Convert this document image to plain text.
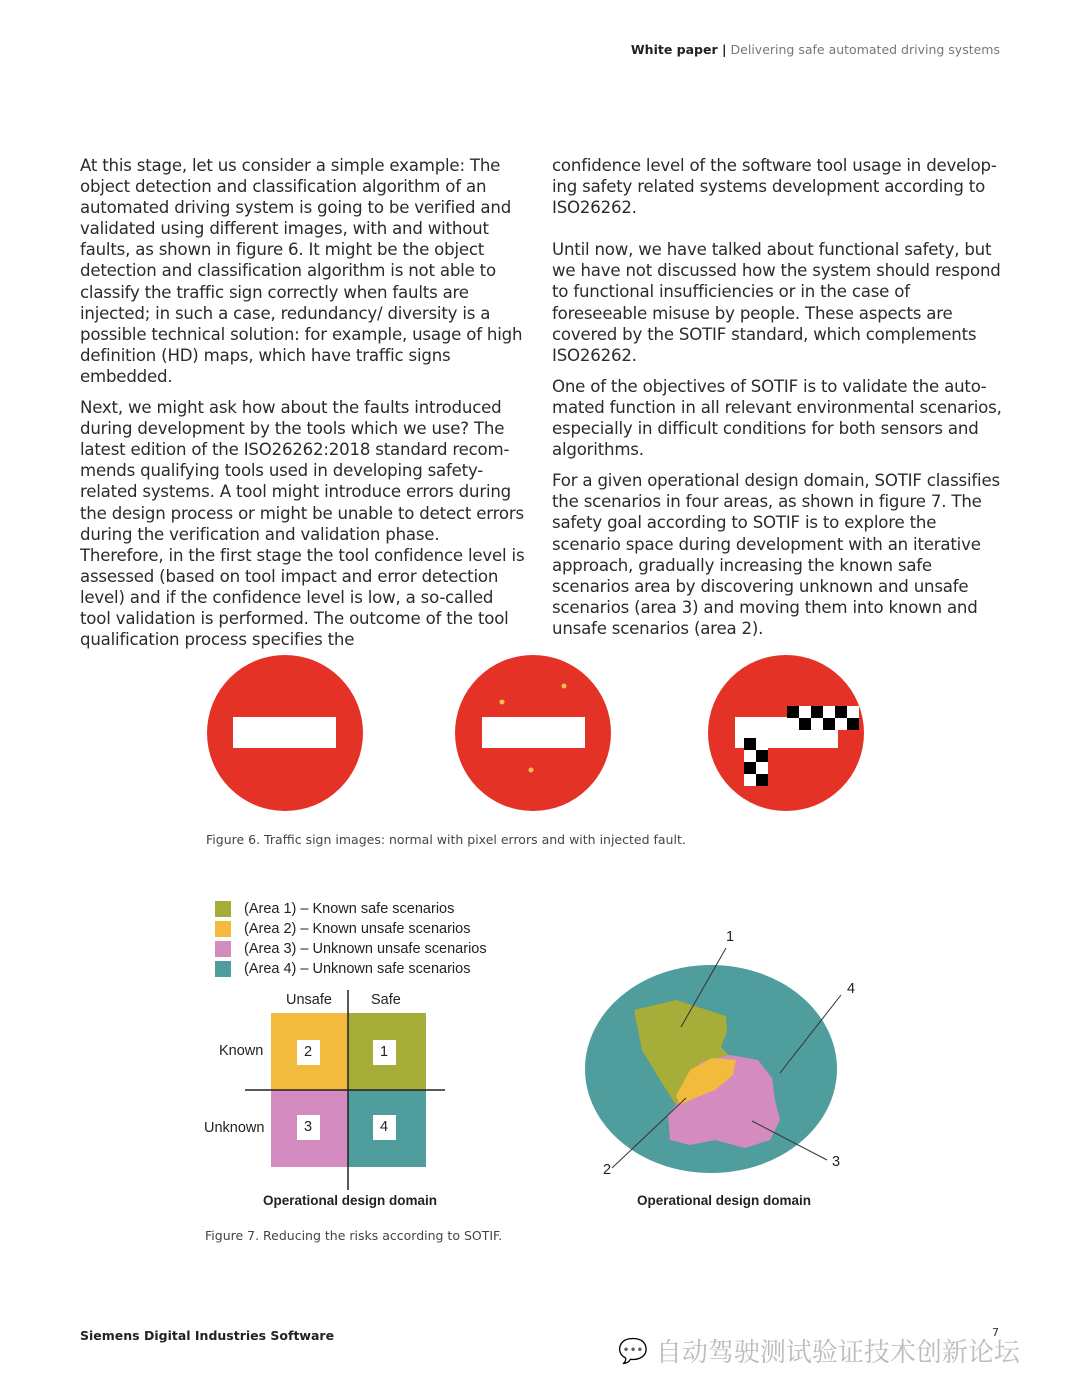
White paper | Delivering safe automated driving systems

At this stage, let us consider a simple example: The object detection and classification algorithm of an automated driving system is going to be verified and validated using different images, with and without faults, as shown in figure 6. It might be the object detection and classification algorithm is not able to classify the traffic sign correctly when faults are injected; in such a case, redundancy/ diversity is a possible technical solution: for example, usage of high definition (HD) maps, which have traffic signs embedded.

Next, we might ask how about the faults introduced during development by the tools which we use? The latest edition of the ISO26262:2018 standard recommends qualifying tools used in developing safety-related systems. A tool might introduce errors during the design process or might be unable to detect errors during the verification and validation phase. Therefore, in the first stage the tool confidence level is assessed (based on tool impact and error detection level) and if the confidence level is low, a so-called tool validation is performed. The outcome of the tool qualification process specifies the

confidence level of the software tool usage in developing safety related systems development according to ISO26262.

Until now, we have talked about functional safety, but we have not discussed how the system should respond to functional insufficiencies or in the case of foreseeable misuse by people. These aspects are covered by the SOTIF standard, which complements ISO26262.

One of the objectives of SOTIF is to validate the automated function in all relevant environmental scenarios, especially in difficult conditions for both sensors and algorithms.

For a given operational design domain, SOTIF classifies the scenarios in four areas, as shown in figure 7. The safety goal according to SOTIF is to explore the scenario space during development with an iterative approach, gradually increasing the known safe scenarios area by discovering unknown and unsafe scenarios (area 3) and moving them into known and unsafe scenarios (area 2).

Figure 6. Traffic sign images: normal with pixel errors and with injected fault.
(Area 1) – Known safe scenarios
(Area 2) – Known unsafe scenarios
(Area 3) – Unknown unsafe scenarios
(Area 4) – Unknown safe scenarios
Unsafe	Safe
Known
Unknown
2	1
3	4
Operational design domain
1
2	3
4
Operational design domain
Figure 7. Reducing the risks according to SOTIF.
Siemens Digital Industries Software	7
💬 自动驾驶测试验证技术创新论坛
